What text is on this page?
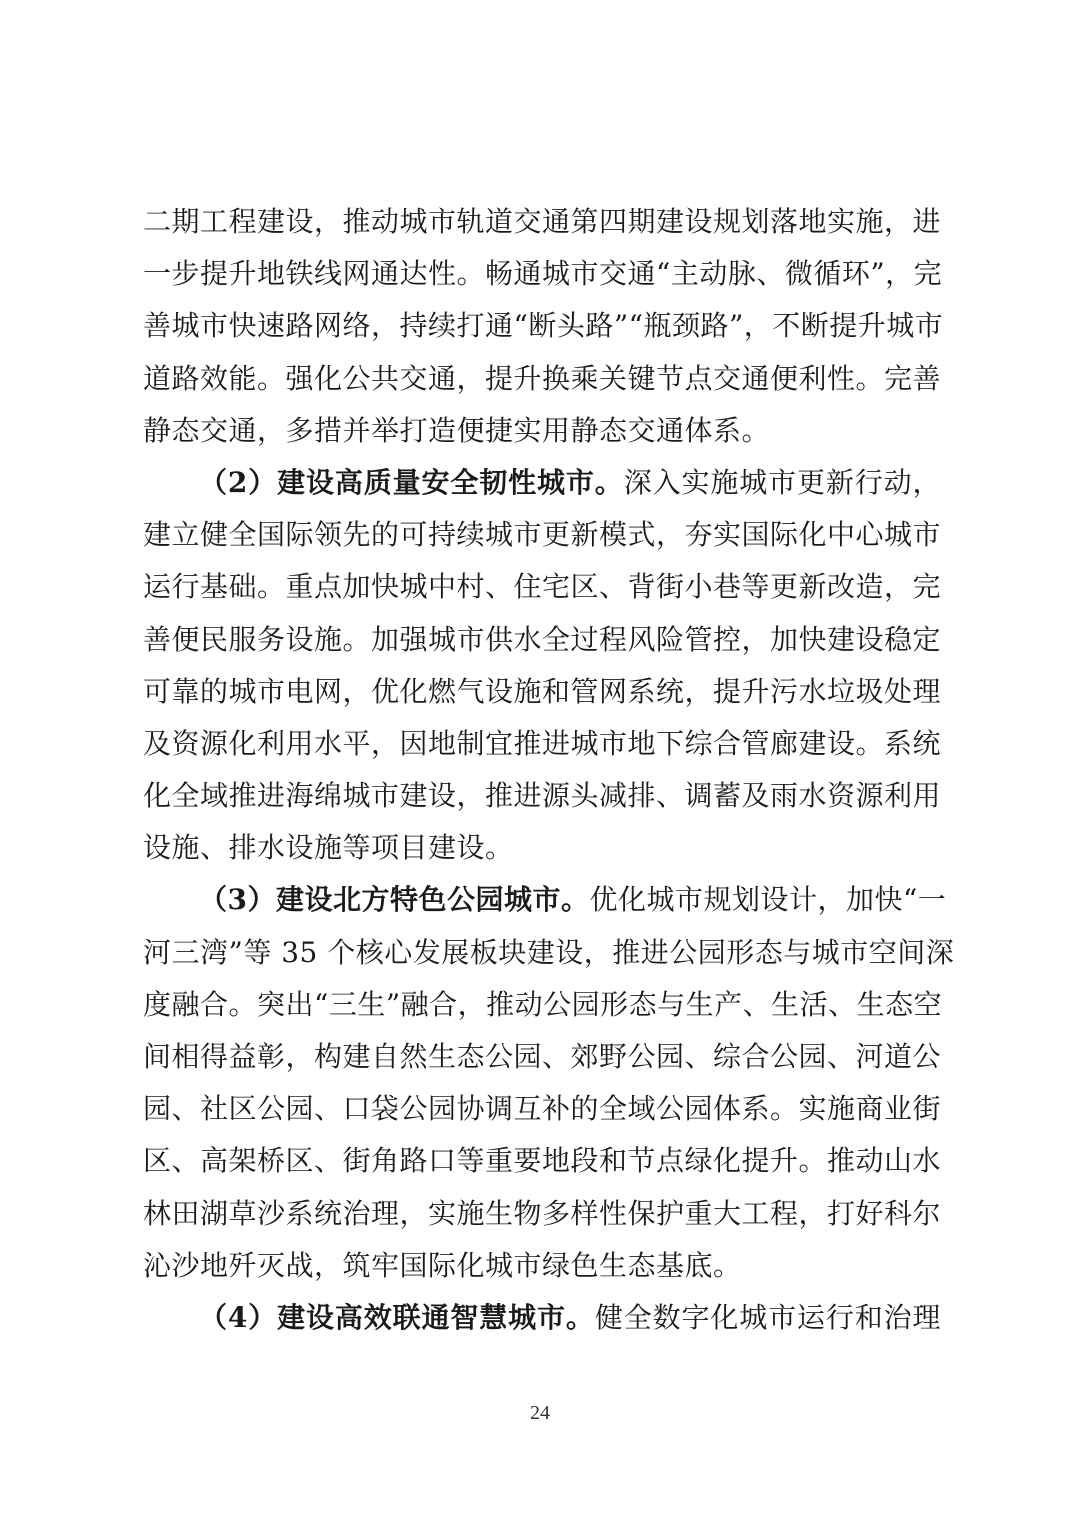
二期工程建设，推动城市轨道交通第四期建设规划落地实施，进
一步提升地铁线网通达性。畅通城市交通“主动脉、微循环”，完
善城市快速路网络，持续打通“断头路”“瓶颈路”，不断提升城市
道路效能。强化公共交通，提升换乘关键节点交通便利性。完善
静态交通，多措并举打造便捷实用静态交通体系。
（2）建设高质量安全韧性城市。深入实施城市更新行动，
建立健全国际领先的可持续城市更新模式，夯实国际化中心城市
运行基础。重点加快城中村、住宅区、背街小巷等更新改造，完
善便民服务设施。加强城市供水全过程风险管控，加快建设稳定
可靠的城市电网，优化燃气设施和管网系统，提升污水垃圾处理
及资源化利用水平，因地制宜推进城市地下综合管廊建设。系统
化全域推进海绵城市建设，推进源头减排、调蓄及雨水资源利用
设施、排水设施等项目建设。
（3）建设北方特色公园城市。优化城市规划设计，加快“一
河三湾”等 35 个核心发展板块建设，推进公园形态与城市空间深
度融合。突出“三生”融合，推动公园形态与生产、生活、生态空
间相得益彰，构建自然生态公园、郊野公园、综合公园、河道公
园、社区公园、口袋公园协调互补的全域公园体系。实施商业街
区、高架桥区、街角路口等重要地段和节点绿化提升。推动山水
林田湖草沙系统治理，实施生物多样性保护重大工程，打好科尔
沁沙地歼灭战，筑牢国际化城市绿色生态基底。
（4）建设高效联通智慧城市。健全数字化城市运行和治理
24
